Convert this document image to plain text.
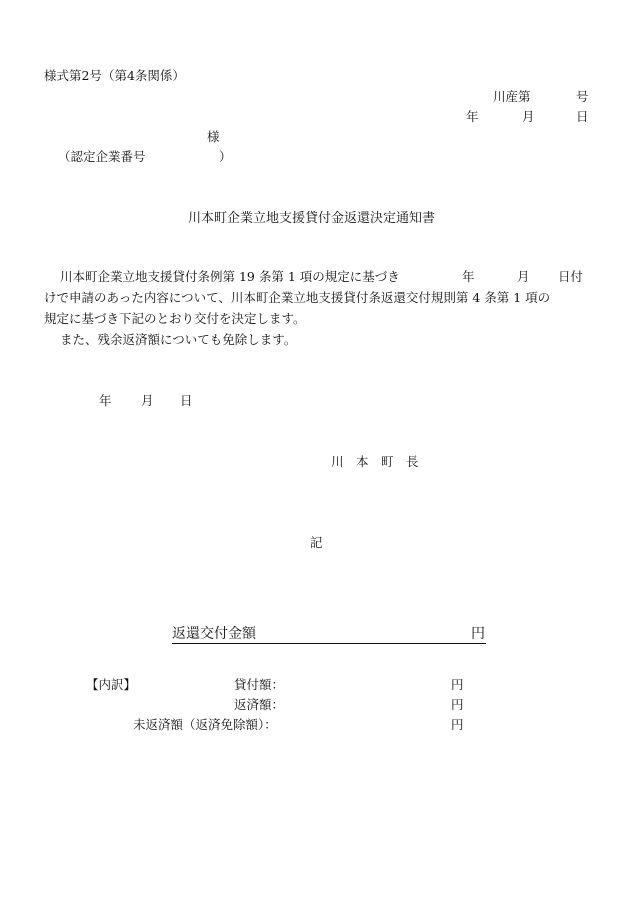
様式第2号（第4条関係）
川産第	号
年	月	日
様
（認定企業番号	）
川本町企業立地支援貸付金返還決定通知書
川本町企業立地支援貸付条例第 19 条第 1 項の規定に基づき	年	月 日付
けで申請のあった内容について、川本町企業立地支援貸付条返還交付規則第 4 条第 1 項の
規定に基づき下記のとおり交付を決定します。
また、残余返済額についても免除します。
年 月 日
川　本　町　長
記
返還交付金額	円
【内訳】	貸付額：	円
返済額：	円
未返済額（返済免除額）：	円
